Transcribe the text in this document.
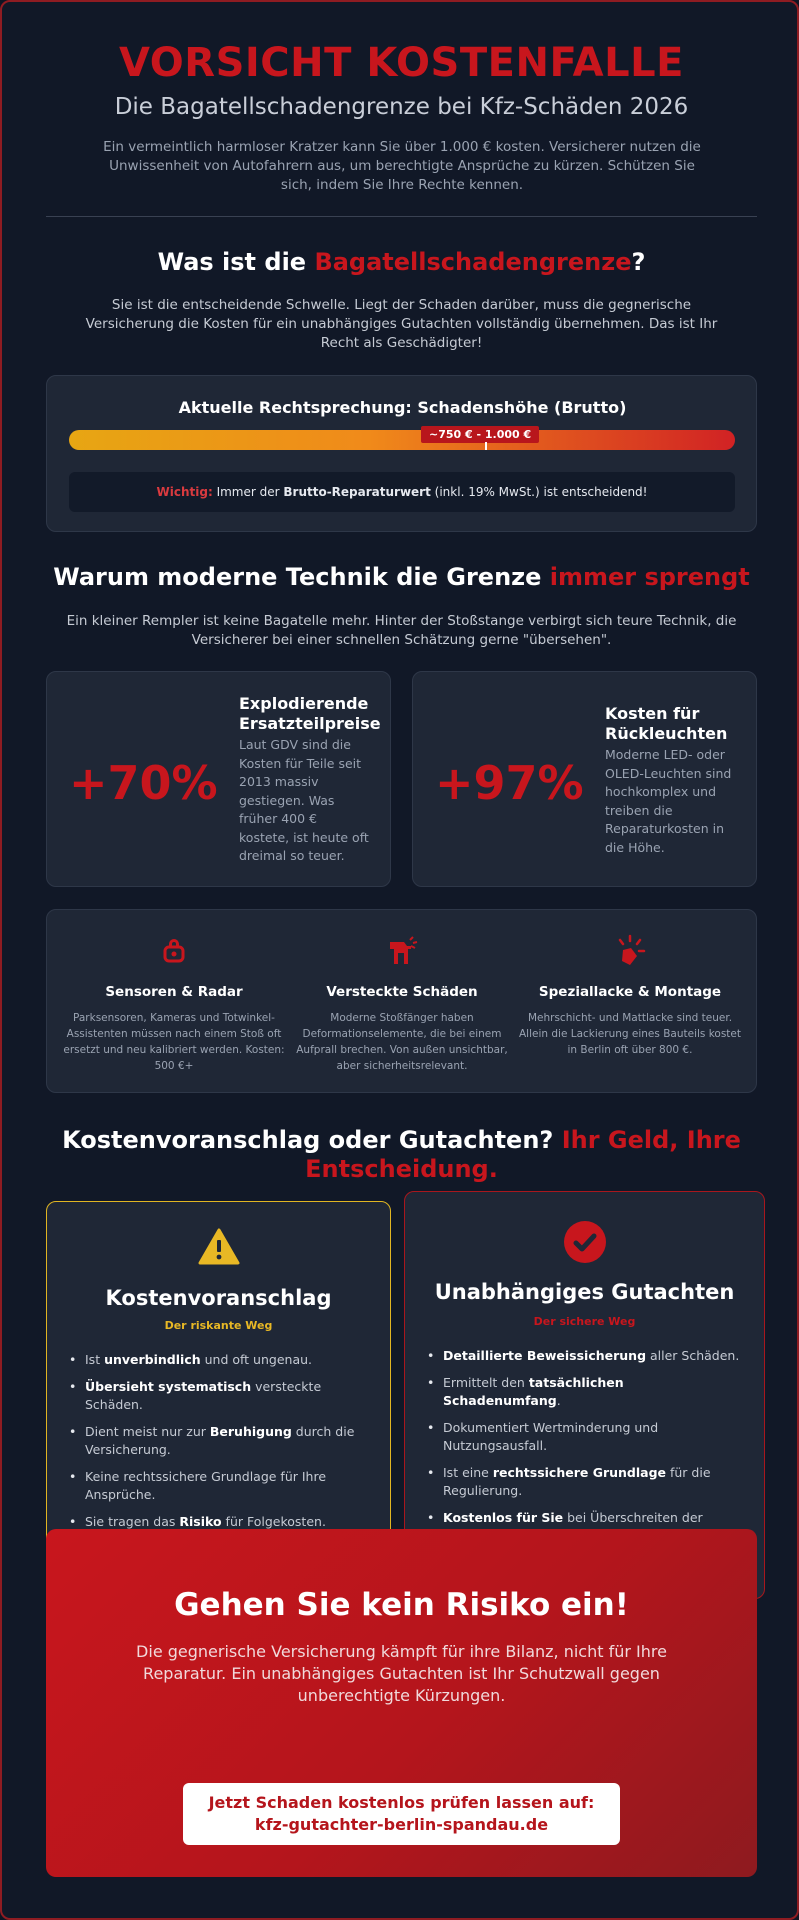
VORSICHT KOSTENFALLE
Die Bagatellschadengrenze bei Kfz-Schäden 2026
Ein vermeintlich harmloser Kratzer kann Sie über 1.000 € kosten. Versicherer nutzen die Unwissenheit von Autofahrern aus, um berechtigte Ansprüche zu kürzen. Schützen Sie sich, indem Sie Ihre Rechte kennen.
Was ist die Bagatellschadengrenze?
Sie ist die entscheidende Schwelle. Liegt der Schaden darüber, muss die gegnerische Versicherung die Kosten für ein unabhängiges Gutachten vollständig übernehmen. Das ist Ihr Recht als Geschädigter!
Aktuelle Rechtsprechung: Schadenshöhe (Brutto)
~750 € - 1.000 €
Wichtig: Immer der Brutto-Reparaturwert (inkl. 19% MwSt.) ist entscheidend!
Warum moderne Technik die Grenze immer sprengt
Ein kleiner Rempler ist keine Bagatelle mehr. Hinter der Stoßstange verbirgt sich teure Technik, die Versicherer bei einer schnellen Schätzung gerne "übersehen".
+70%
Explodierende Ersatzteilpreise
Laut GDV sind die Kosten für Teile seit 2013 massiv gestiegen. Was früher 400 € kostete, ist heute oft dreimal so teuer.
+97%
Kosten für Rückleuchten
Moderne LED- oder OLED-Leuchten sind hochkomplex und treiben die Reparaturkosten in die Höhe.
Sensoren & Radar
Parksensoren, Kameras und Totwinkel-Assistenten müssen nach einem Stoß oft ersetzt und neu kalibriert werden. Kosten: 500 €+
Versteckte Schäden
Moderne Stoßfänger haben Deformationselemente, die bei einem Aufprall brechen. Von außen unsichtbar, aber sicherheitsrelevant.
Speziallacke & Montage
Mehrschicht- und Mattlacke sind teuer. Allein die Lackierung eines Bauteils kostet in Berlin oft über 800 €.
Kostenvoranschlag oder Gutachten? Ihr Geld, Ihre Entscheidung.
Kostenvoranschlag
Der riskante Weg
• Ist unverbindlich und oft ungenau.
• Übersieht systematisch versteckte Schäden.
• Dient meist nur zur Beruhigung durch die Versicherung.
• Keine rechtssichere Grundlage für Ihre Ansprüche.
• Sie tragen das Risiko für Folgekosten.
Unabhängiges Gutachten
Der sichere Weg
• Detaillierte Beweissicherung aller Schäden.
• Ermittelt den tatsächlichen Schadenumfang.
• Dokumentiert Wertminderung und Nutzungsausfall.
• Ist eine rechtssichere Grundlage für die Regulierung.
• Kostenlos für Sie bei Überschreiten der
Gehen Sie kein Risiko ein!
Die gegnerische Versicherung kämpft für ihre Bilanz, nicht für Ihre Reparatur. Ein unabhängiges Gutachten ist Ihr Schutzwall gegen unberechtigte Kürzungen.
Jetzt Schaden kostenlos prüfen lassen auf:
kfz-gutachter-berlin-spandau.de
